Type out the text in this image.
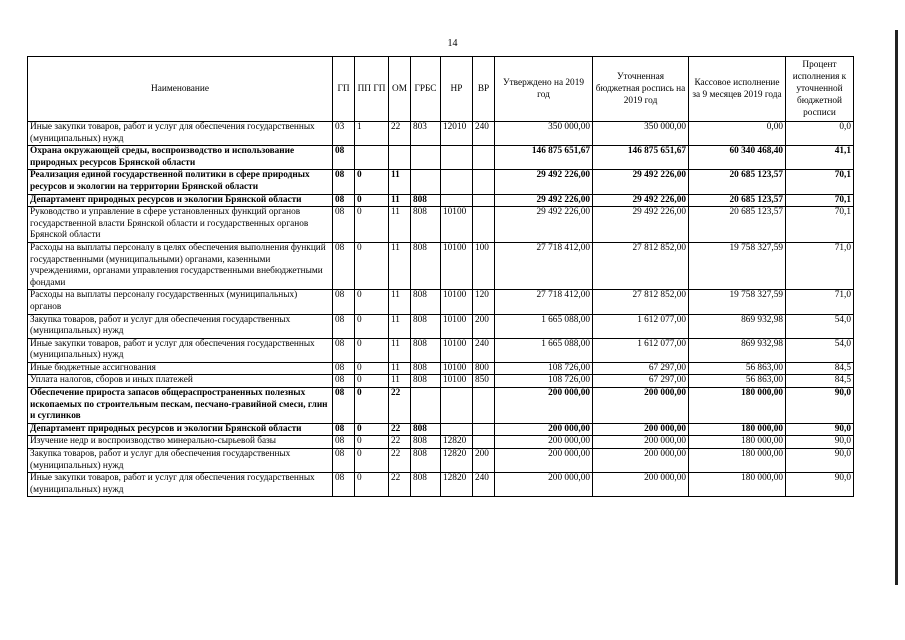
14
Наименование	ГП	ПП ГП	ОМ	ГРБС	НР	ВР	Утверждено на 2019 год	Уточненная бюджетная роспись на 2019 год	Кассовое исполнение за 9 месяцев 2019 года	Процент исполнения к уточненной бюджетной росписи
Иные закупки товаров, работ и услуг для обеспечения государственных (муниципальных) нужд	03	1	22	803	12010	240	350 000,00	350 000,00	0,00	0,0
Охрана окружающей среды, воспроизводство и использование природных ресурсов Брянской области	08						146 875 651,67	146 875 651,67	60 340 468,40	41,1
Реализация единой государственной политики в сфере природных ресурсов и экологии на территории Брянской области	08	0	11				29 492 226,00	29 492 226,00	20 685 123,57	70,1
Департамент природных ресурсов и экологии Брянской области	08	0	11	808			29 492 226,00	29 492 226,00	20 685 123,57	70,1
Руководство и управление в сфере установленных функций органов государственной власти Брянской области и государственных органов Брянской области	08	0	11	808	10100		29 492 226,00	29 492 226,00	20 685 123,57	70,1
Расходы на выплаты персоналу в целях обеспечения выполнения функций государственными (муниципальными) органами, казенными учреждениями, органами управления государственными внебюджетными фондами	08	0	11	808	10100	100	27 718 412,00	27 812 852,00	19 758 327,59	71,0
Расходы на выплаты персоналу государственных (муниципальных) органов	08	0	11	808	10100	120	27 718 412,00	27 812 852,00	19 758 327,59	71,0
Закупка товаров, работ и услуг для обеспечения государственных (муниципальных) нужд	08	0	11	808	10100	200	1 665 088,00	1 612 077,00	869 932,98	54,0
Иные закупки товаров, работ и услуг для обеспечения государственных (муниципальных) нужд	08	0	11	808	10100	240	1 665 088,00	1 612 077,00	869 932,98	54,0
Иные бюджетные ассигнования	08	0	11	808	10100	800	108 726,00	67 297,00	56 863,00	84,5
Уплата налогов, сборов и иных платежей	08	0	11	808	10100	850	108 726,00	67 297,00	56 863,00	84,5
Обеспечение прироста запасов общераспространенных полезных ископаемых по строительным пескам, песчано-гравийной смеси, глин и суглинков	08	0	22				200 000,00	200 000,00	180 000,00	90,0
Департамент природных ресурсов и экологии Брянской области	08	0	22	808			200 000,00	200 000,00	180 000,00	90,0
Изучение недр и воспроизводство минерально-сырьевой базы	08	0	22	808	12820		200 000,00	200 000,00	180 000,00	90,0
Закупка товаров, работ и услуг для обеспечения государственных (муниципальных) нужд	08	0	22	808	12820	200	200 000,00	200 000,00	180 000,00	90,0
Иные закупки товаров, работ и услуг для обеспечения государственных (муниципальных) нужд	08	0	22	808	12820	240	200 000,00	200 000,00	180 000,00	90,0
